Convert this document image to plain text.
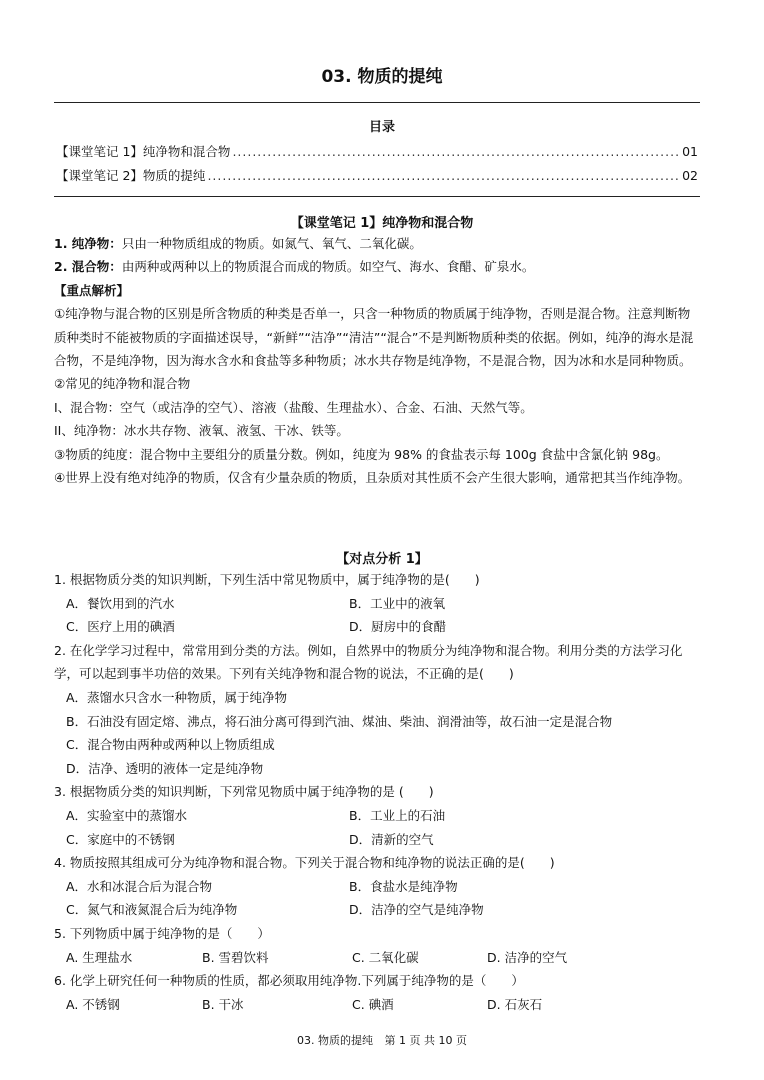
03. 物质的提纯
目录
【课堂笔记 1】纯净物和混合物 .....	01
【课堂笔记 2】物质的提纯 .....	02
【课堂笔记 1】纯净物和混合物

1. 纯净物：只由一种物质组成的物质。如氮气、氧气、二氧化碳。

2. 混合物：由两种或两种以上的物质混合而成的物质。如空气、海水、食醋、矿泉水。

【重点解析】

①纯净物与混合物的区别是所含物质的种类是否单一，只含一种物质的物质属于纯净物，否则是混合物。注意判断物质种类时不能被物质的字面描述误导，“新鲜”“洁净”“清洁”“混合”不是判断物质种类的依据。例如，纯净的海水是混合物，不是纯净物，因为海水含水和食盐等多种物质；冰水共存物是纯净物，不是混合物，因为冰和水是同种物质。

②常见的纯净物和混合物

I、混合物：空气（或洁净的空气）、溶液（盐酸、生理盐水）、合金、石油、天然气等。

II、纯净物：冰水共存物、液氧、液氢、干冰、铁等。

③物质的纯度：混合物中主要组分的质量分数。例如，纯度为 98% 的食盐表示每 100g 食盐中含氯化钠 98g。

④世界上没有绝对纯净的物质，仅含有少量杂质的物质，且杂质对其性质不会产生很大影响，通常把其当作纯净物。

【对点分析 1】

1. 根据物质分类的知识判断，下列生活中常见物质中，属于纯净物的是(　　)

A．餐饮用到的汽水	B．工业中的液氧
C．医疗上用的碘酒	D．厨房中的食醋

2. 在化学学习过程中，常常用到分类的方法。例如，自然界中的物质分为纯净物和混合物。利用分类的方法学习化学，可以起到事半功倍的效果。下列有关纯净物和混合物的说法，不正确的是(　　)

A．蒸馏水只含水一种物质，属于纯净物
B．石油没有固定熔、沸点，将石油分离可得到汽油、煤油、柴油、润滑油等，故石油一定是混合物
C．混合物由两种或两种以上物质组成
D．洁净、透明的液体一定是纯净物

3. 根据物质分类的知识判断，下列常见物质中属于纯净物的是 (　　)

A．实验室中的蒸馏水	B．工业上的石油
C．家庭中的不锈钢	D．清新的空气

4. 物质按照其组成可分为纯净物和混合物。下列关于混合物和纯净物的说法正确的是(　　)

A．水和冰混合后为混合物	B．食盐水是纯净物
C．氮气和液氮混合后为纯净物	D．洁净的空气是纯净物

5. 下列物质中属于纯净物的是（　　）

A. 生理盐水	B. 雪碧饮料	C. 二氧化碳	D. 洁净的空气

6. 化学上研究任何一种物质的性质，都必须取用纯净物.下列属于纯净物的是（　　）

A. 不锈钢	B. 干冰	C. 碘酒	D. 石灰石
03. 物质的提纯 第 1 页 共 10 页
